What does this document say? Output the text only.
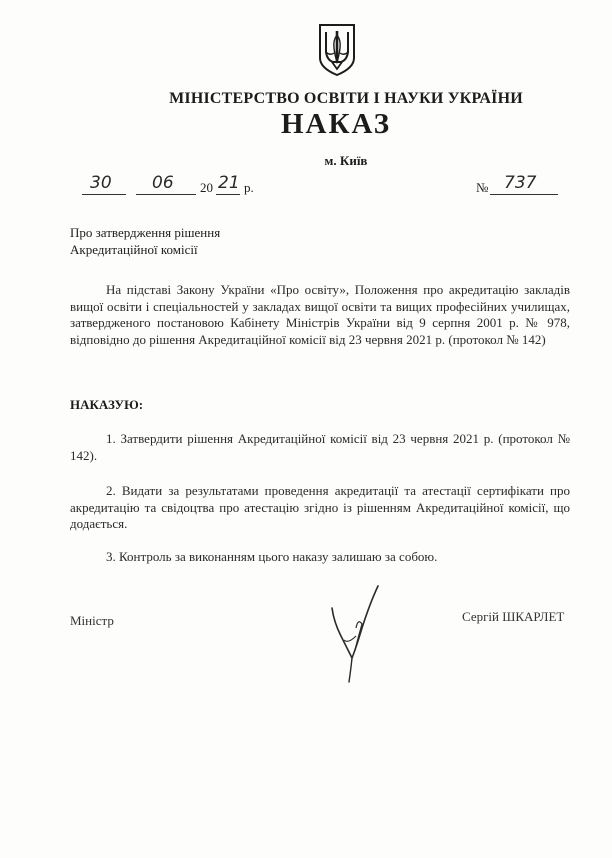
МІНІСТЕРСТВО ОСВІТИ І НАУКИ УКРАЇНИ
НАКАЗ
м. Київ
30 06 20 21 р.	№ 737
Про затвердження рішення
Акредитаційної комісії
На підставі Закону України «Про освіту», Положення про акредитацію закладів вищої освіти і спеціальностей у закладах вищої освіти та вищих професійних училищах, затвердженого постановою Кабінету Міністрів України від 9 серпня 2001 р. № 978, відповідно до рішення Акредитаційної комісії від 23 червня 2021 р. (протокол № 142)
НАКАЗУЮ:
1. Затвердити рішення Акредитаційної комісії від 23 червня 2021 р. (протокол № 142).
2. Видати за результатами проведення акредитації та атестації сертифікати про акредитацію та свідоцтва про атестацію згідно із рішенням Акредитаційної комісії, що додається.
3. Контроль за виконанням цього наказу залишаю за собою.
Міністр	Сергій ШКАРЛЕТ
